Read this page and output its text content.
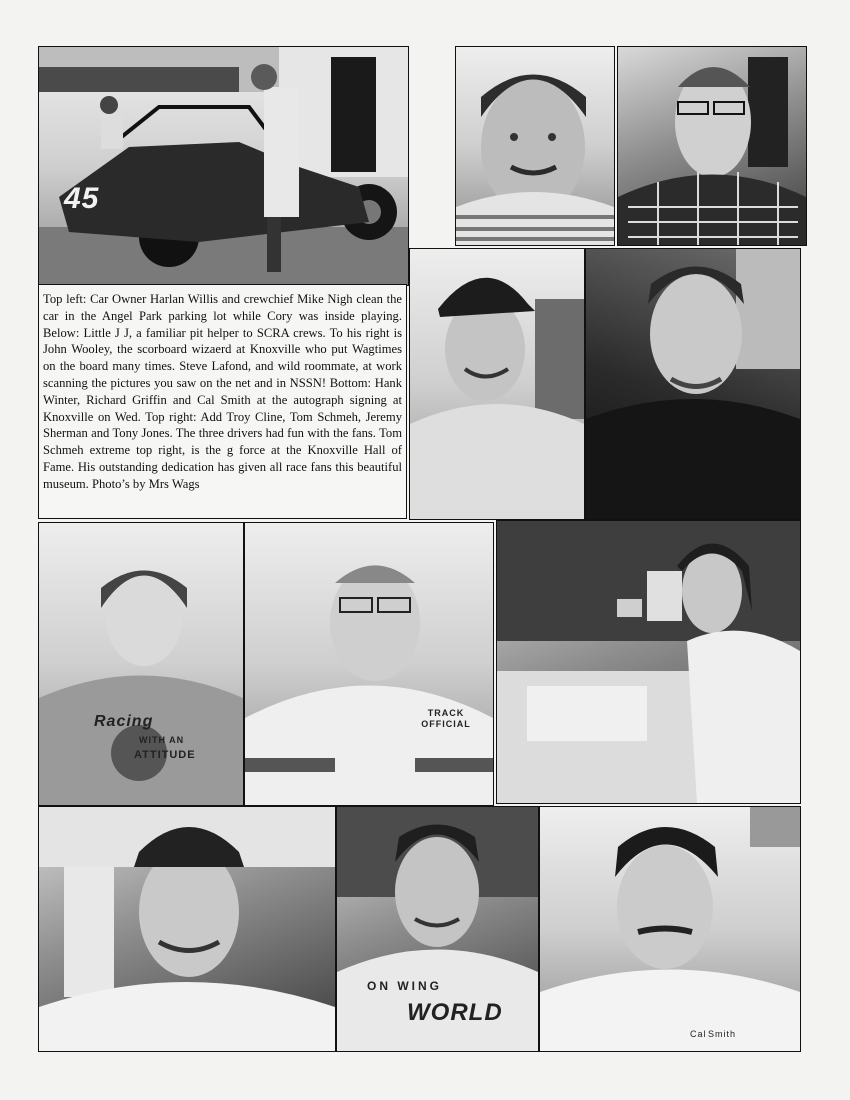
45

Top left: Car Owner Harlan Willis and crewchief Mike Nigh clean the car in the Angel Park parking lot while Cory was inside playing. Below: Little J J, a familiar pit helper to SCRA crews. To his right is John Wooley, the scorboard wizaerd at Knoxville who put Wagtimes on the board many times. Steve Lafond, and wild roommate, at work scanning the pictures you saw on the net and in NSSN! Bottom: Hank Winter, Richard Griffin and Cal Smith at the autograph signing at Knoxville on Wed. Top right: Add Troy Cline, Tom Schmeh, Jeremy Sherman and Tony Jones. The three drivers had fun with the fans. Tom Schmeh extreme top right, is the g force at the Knoxville Hall of Fame. His outstanding dedication has given all race fans this beautiful museum. Photo’s by Mrs Wags

Racing
WITH AN
ATTITUDE
TRACK OFFICIAL
ON WING
WORLD
Cal Smith
